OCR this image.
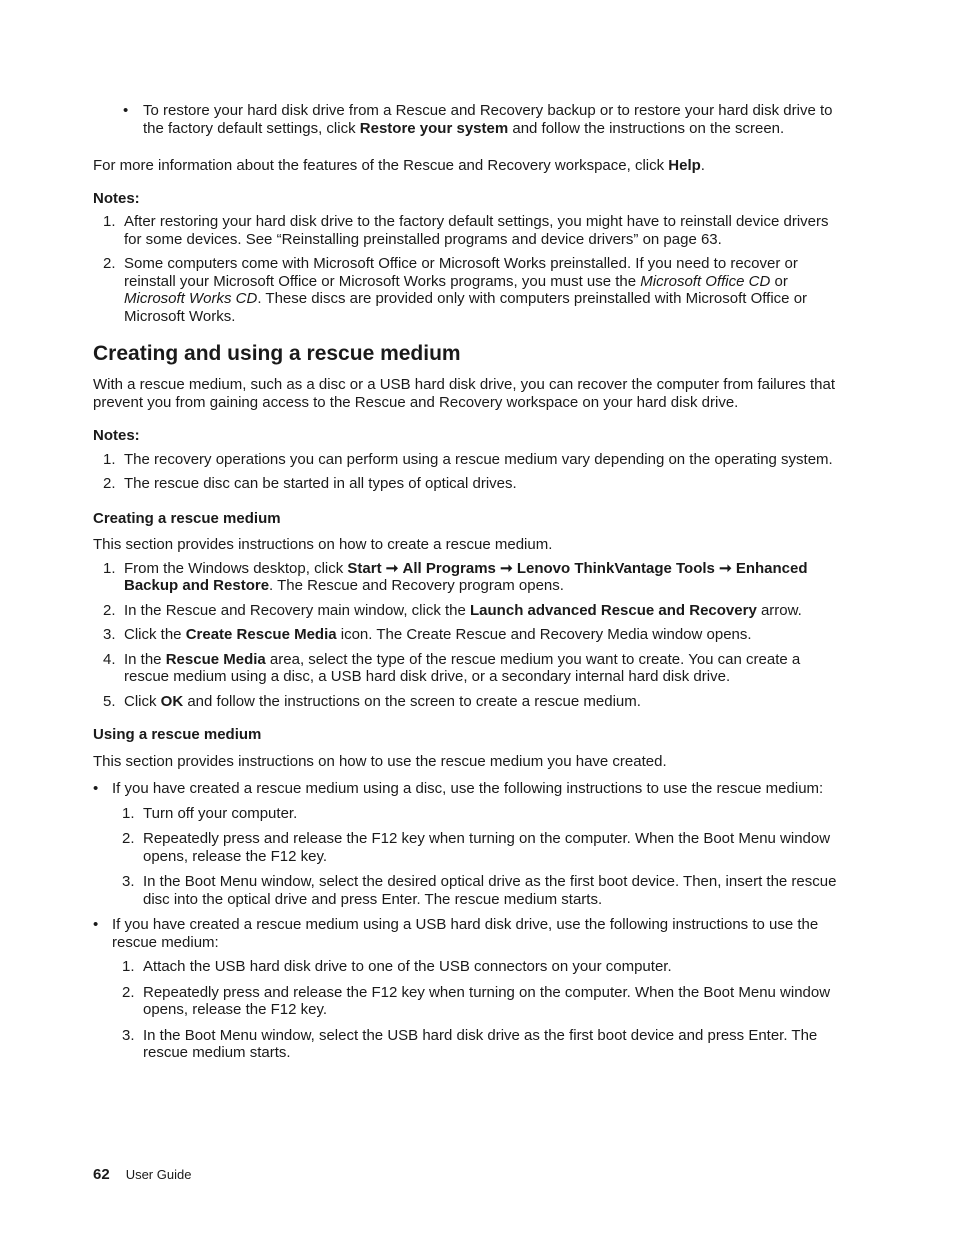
• To restore your hard disk drive from a Rescue and Recovery backup or to restore your hard disk drive to the factory default settings, click Restore your system and follow the instructions on the screen.

For more information about the features of the Rescue and Recovery workspace, click Help.

Notes:

1. After restoring your hard disk drive to the factory default settings, you might have to reinstall device drivers for some devices. See “Reinstalling preinstalled programs and device drivers” on page 63.
2. Some computers come with Microsoft Office or Microsoft Works preinstalled. If you need to recover or reinstall your Microsoft Office or Microsoft Works programs, you must use the Microsoft Office CD or Microsoft Works CD. These discs are provided only with computers preinstalled with Microsoft Office or Microsoft Works.
Creating and using a rescue medium

With a rescue medium, such as a disc or a USB hard disk drive, you can recover the computer from failures that prevent you from gaining access to the Rescue and Recovery workspace on your hard disk drive.

Notes:

1. The recovery operations you can perform using a rescue medium vary depending on the operating system.
2. The rescue disc can be started in all types of optical drives.
Creating a rescue medium

This section provides instructions on how to create a rescue medium.

1. From the Windows desktop, click Start ➞ All Programs ➞ Lenovo ThinkVantage Tools ➞ Enhanced Backup and Restore. The Rescue and Recovery program opens.
2. In the Rescue and Recovery main window, click the Launch advanced Rescue and Recovery arrow.
3. Click the Create Rescue Media icon. The Create Rescue and Recovery Media window opens.
4. In the Rescue Media area, select the type of the rescue medium you want to create. You can create a rescue medium using a disc, a USB hard disk drive, or a secondary internal hard disk drive.
5. Click OK and follow the instructions on the screen to create a rescue medium.
Using a rescue medium

This section provides instructions on how to use the rescue medium you have created.

• If you have created a rescue medium using a disc, use the following instructions to use the rescue medium:
1. Turn off your computer.
2. Repeatedly press and release the F12 key when turning on the computer. When the Boot Menu window opens, release the F12 key.
3. In the Boot Menu window, select the desired optical drive as the first boot device. Then, insert the rescue disc into the optical drive and press Enter. The rescue medium starts.
• If you have created a rescue medium using a USB hard disk drive, use the following instructions to use the rescue medium:
1. Attach the USB hard disk drive to one of the USB connectors on your computer.
2. Repeatedly press and release the F12 key when turning on the computer. When the Boot Menu window opens, release the F12 key.
3. In the Boot Menu window, select the USB hard disk drive as the first boot device and press Enter. The rescue medium starts.
62 User Guide
